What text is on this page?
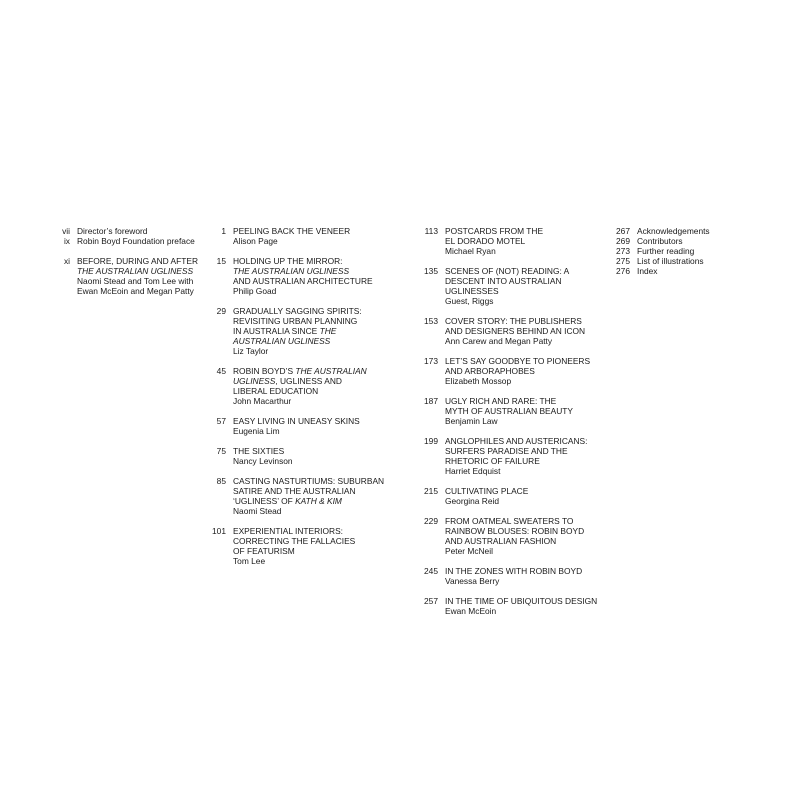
vii Director’s foreword
ix Robin Boyd Foundation preface
xi BEFORE, DURING AND AFTER
THE AUSTRALIAN UGLINESS
Naomi Stead and Tom Lee with
Ewan McEoin and Megan Patty
1 PEELING BACK THE VENEER
Alison Page
15 HOLDING UP THE MIRROR:
THE AUSTRALIAN UGLINESS
AND AUSTRALIAN ARCHITECTURE
Philip Goad
29 GRADUALLY SAGGING SPIRITS:
REVISITING URBAN PLANNING
IN AUSTRALIA SINCE THE
AUSTRALIAN UGLINESS
Liz Taylor
45 ROBIN BOYD’S THE AUSTRALIAN
UGLINESS, UGLINESS AND
LIBERAL EDUCATION
John Macarthur
57 EASY LIVING IN UNEASY SKINS
Eugenia Lim
75 THE SIXTIES
Nancy Levinson
85 CASTING NASTURTIUMS: SUBURBAN
SATIRE AND THE AUSTRALIAN
‘UGLINESS’ OF KATH & KIM
Naomi Stead
101 EXPERIENTIAL INTERIORS:
CORRECTING THE FALLACIES
OF FEATURISM
Tom Lee
113 POSTCARDS FROM THE
EL DORADO MOTEL
Michael Ryan
135 SCENES OF (NOT) READING: A
DESCENT INTO AUSTRALIAN
UGLINESSES
Guest, Riggs
153 COVER STORY: THE PUBLISHERS
AND DESIGNERS BEHIND AN ICON
Ann Carew and Megan Patty
173 LET’S SAY GOODBYE TO PIONEERS
AND ARBORAPHOBES
Elizabeth Mossop
187 UGLY RICH AND RARE: THE
MYTH OF AUSTRALIAN BEAUTY
Benjamin Law
199 ANGLOPHILES AND AUSTERICANS:
SURFERS PARADISE AND THE
RHETORIC OF FAILURE
Harriet Edquist
215 CULTIVATING PLACE
Georgina Reid
229 FROM OATMEAL SWEATERS TO
RAINBOW BLOUSES: ROBIN BOYD
AND AUSTRALIAN FASHION
Peter McNeil
245 IN THE ZONES WITH ROBIN BOYD
Vanessa Berry
257 IN THE TIME OF UBIQUITOUS DESIGN
Ewan McEoin
267 Acknowledgements
269 Contributors
273 Further reading
275 List of illustrations
276 Index
